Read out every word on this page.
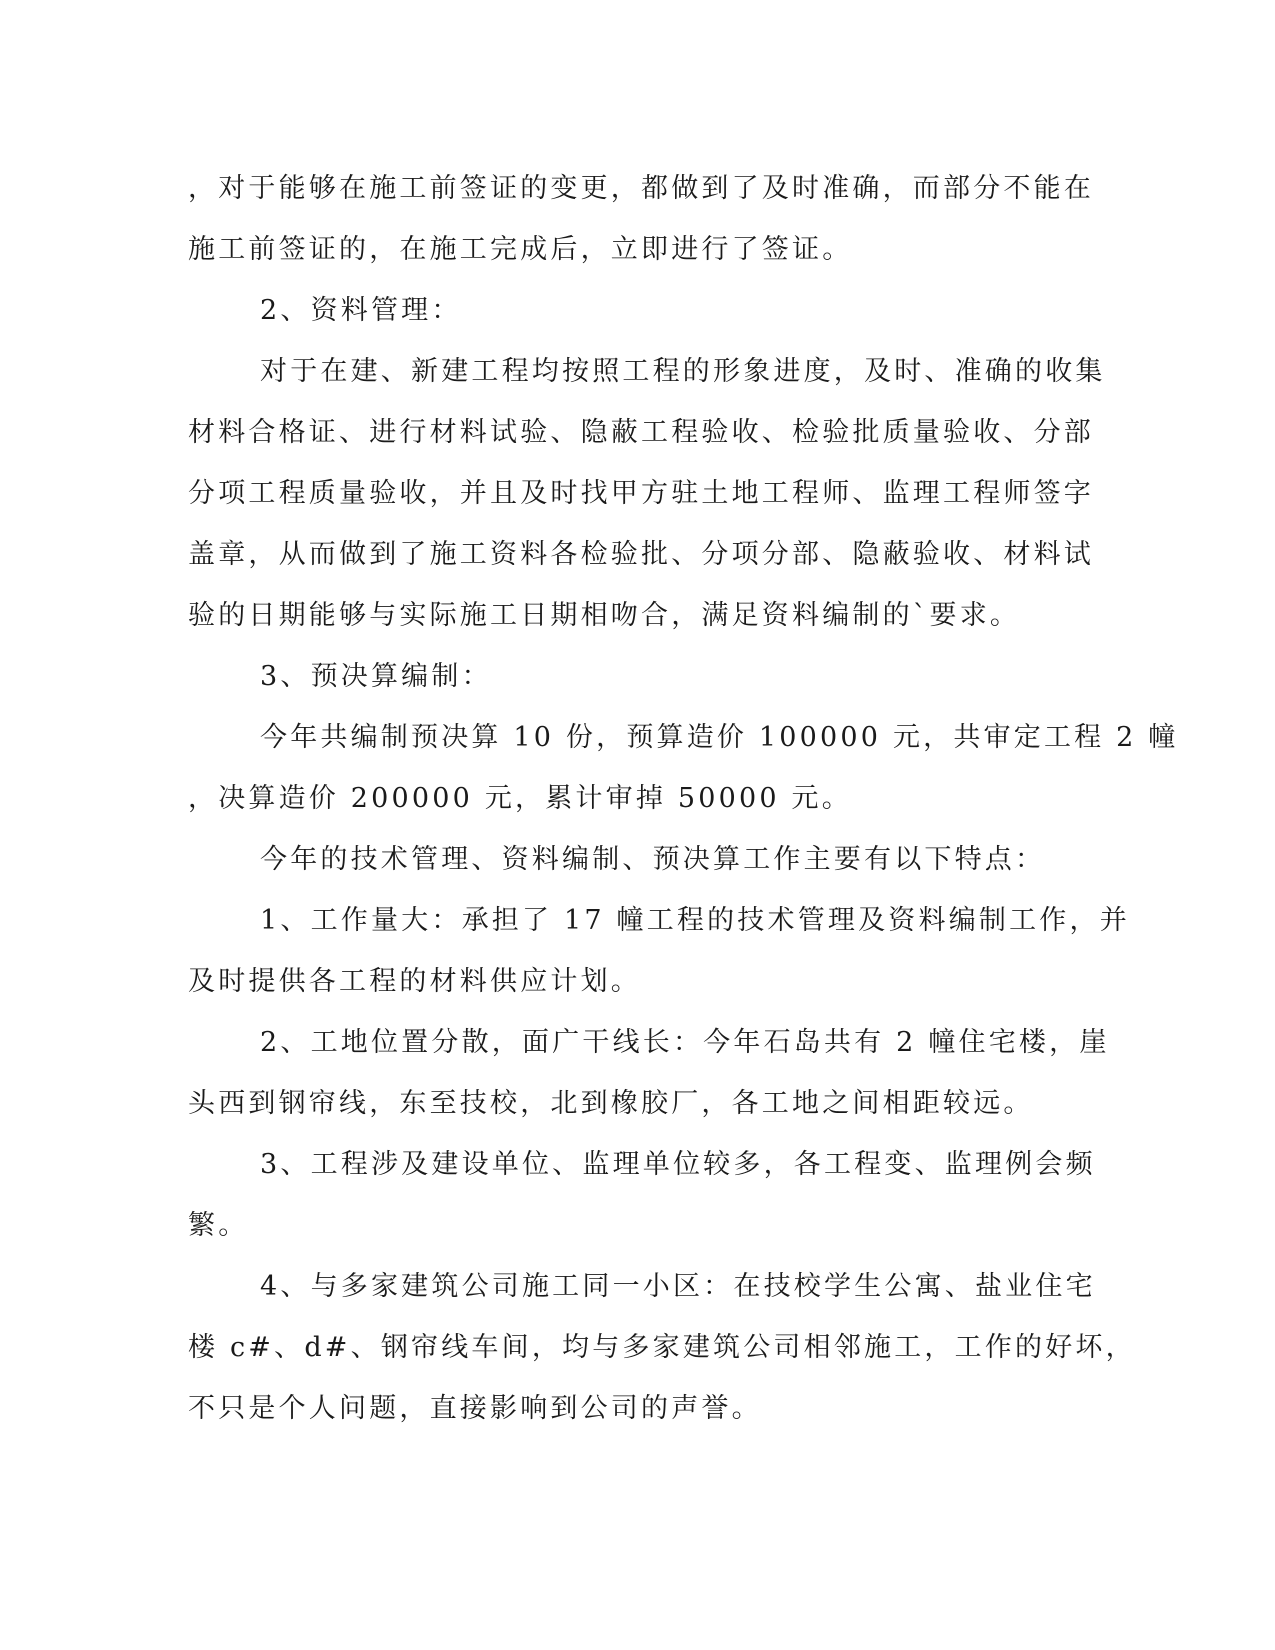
，对于能够在施工前签证的变更，都做到了及时准确，而部分不能在
施工前签证的，在施工完成后，立即进行了签证。
2、资料管理：
对于在建、新建工程均按照工程的形象进度，及时、准确的收集
材料合格证、进行材料试验、隐蔽工程验收、检验批质量验收、分部
分项工程质量验收，并且及时找甲方驻土地工程师、监理工程师签字
盖章，从而做到了施工资料各检验批、分项分部、隐蔽验收、材料试
验的日期能够与实际施工日期相吻合，满足资料编制的`要求。
3、预决算编制：
今年共编制预决算 10 份，预算造价 100000 元，共审定工程 2 幢
，决算造价 200000 元，累计审掉 50000 元。
今年的技术管理、资料编制、预决算工作主要有以下特点：
1、工作量大：承担了 17 幢工程的技术管理及资料编制工作，并
及时提供各工程的材料供应计划。
2、工地位置分散，面广干线长：今年石岛共有 2 幢住宅楼，崖
头西到钢帘线，东至技校，北到橡胶厂，各工地之间相距较远。
3、工程涉及建设单位、监理单位较多，各工程变、监理例会频
繁。
4、与多家建筑公司施工同一小区：在技校学生公寓、盐业住宅
楼 c#、d#、钢帘线车间，均与多家建筑公司相邻施工，工作的好坏，
不只是个人问题，直接影响到公司的声誉。
